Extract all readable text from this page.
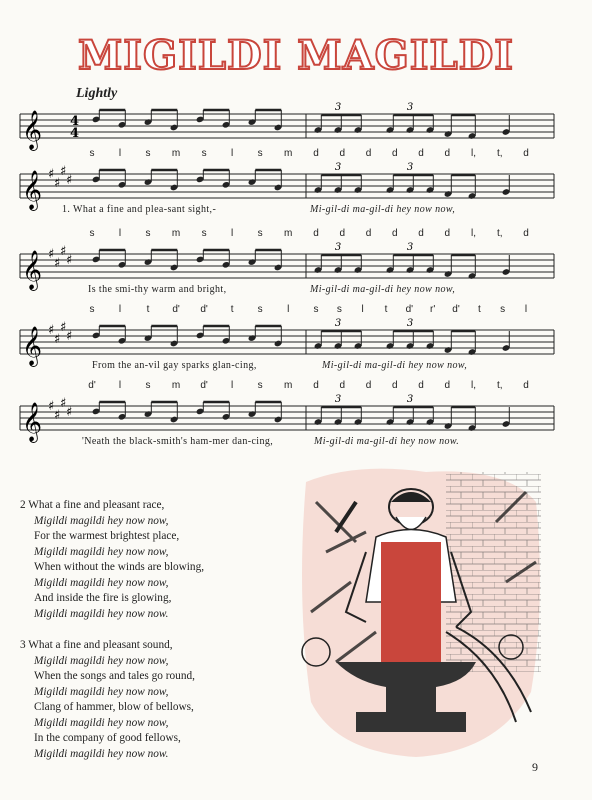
MIGILDI MAGILDI
Lightly
𝄞 4
4
3	3
s l s m s l s m d d d d d d l, t, d
𝄞 ♯
♯
♯
♯
3	3
1. What a fine and plea-sant sight,-	Mi-gil-di ma-gil-di hey now now,
s l s m s l s m d d d d d d l, t, d
𝄞 ♯
♯
♯
♯
3	3
Is the smi-thy warm and bright,	Mi-gil-di ma-gil-di hey now now,
s l	t d' d' t s l s s l t d' r' d' t s l
𝄞 ♯
♯
♯
♯
3	3
From the an-vil gay sparks glan-cing,	Mi-gil-di ma-gil-di hey now now,
d' l s m d' l s m d d d d d d l, t, d
𝄞 ♯
♯
♯
♯
3	3
'Neath the black-smith's ham-mer dan-cing,	Mi-gil-di ma-gil-di hey now now.
2 What a fine and pleasant race,
Migildi magildi hey now now,
For the warmest brightest place,
Migildi magildi hey now now,
When without the winds are blowing,
Migildi magildi hey now now,
And inside the fire is glowing,
Migildi magildi hey now now.
3 What a fine and pleasant sound,
Migildi magildi hey now now,
When the songs and tales go round,
Migildi magildi hey now now,
Clang of hammer, blow of bellows,
Migildi magildi hey now now,
In the company of good fellows,
Migildi magildi hey now now.
9
